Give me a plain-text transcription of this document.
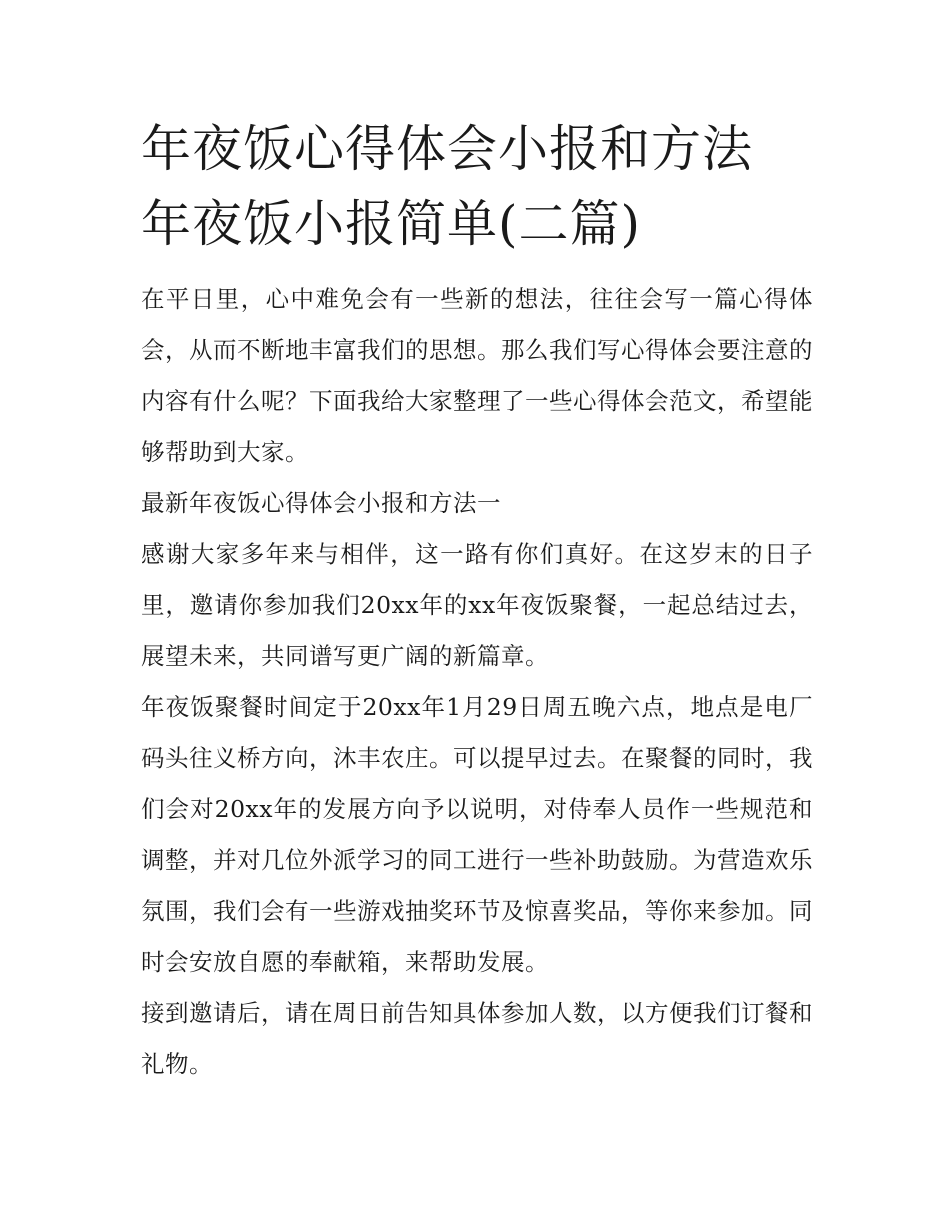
年夜饭心得体会小报和方法 年夜饭小报简单(二篇)

在平日里，心中难免会有一些新的想法，往往会写一篇心得体会，从而不断地丰富我们的思想。那么我们写心得体会要注意的内容有什么呢？下面我给大家整理了一些心得体会范文，希望能够帮助到大家。

最新年夜饭心得体会小报和方法一

感谢大家多年来与相伴，这一路有你们真好。在这岁末的日子里，邀请你参加我们20xx年的xx年夜饭聚餐，一起总结过去，展望未来，共同谱写更广阔的新篇章。

年夜饭聚餐时间定于20xx年1月29日周五晚六点，地点是电厂码头往义桥方向，沐丰农庄。可以提早过去。在聚餐的同时，我们会对20xx年的发展方向予以说明，对侍奉人员作一些规范和调整，并对几位外派学习的同工进行一些补助鼓励。为营造欢乐氛围，我们会有一些游戏抽奖环节及惊喜奖品，等你来参加。同时会安放自愿的奉献箱，来帮助发展。

接到邀请后，请在周日前告知具体参加人数，以方便我们订餐和礼物。
